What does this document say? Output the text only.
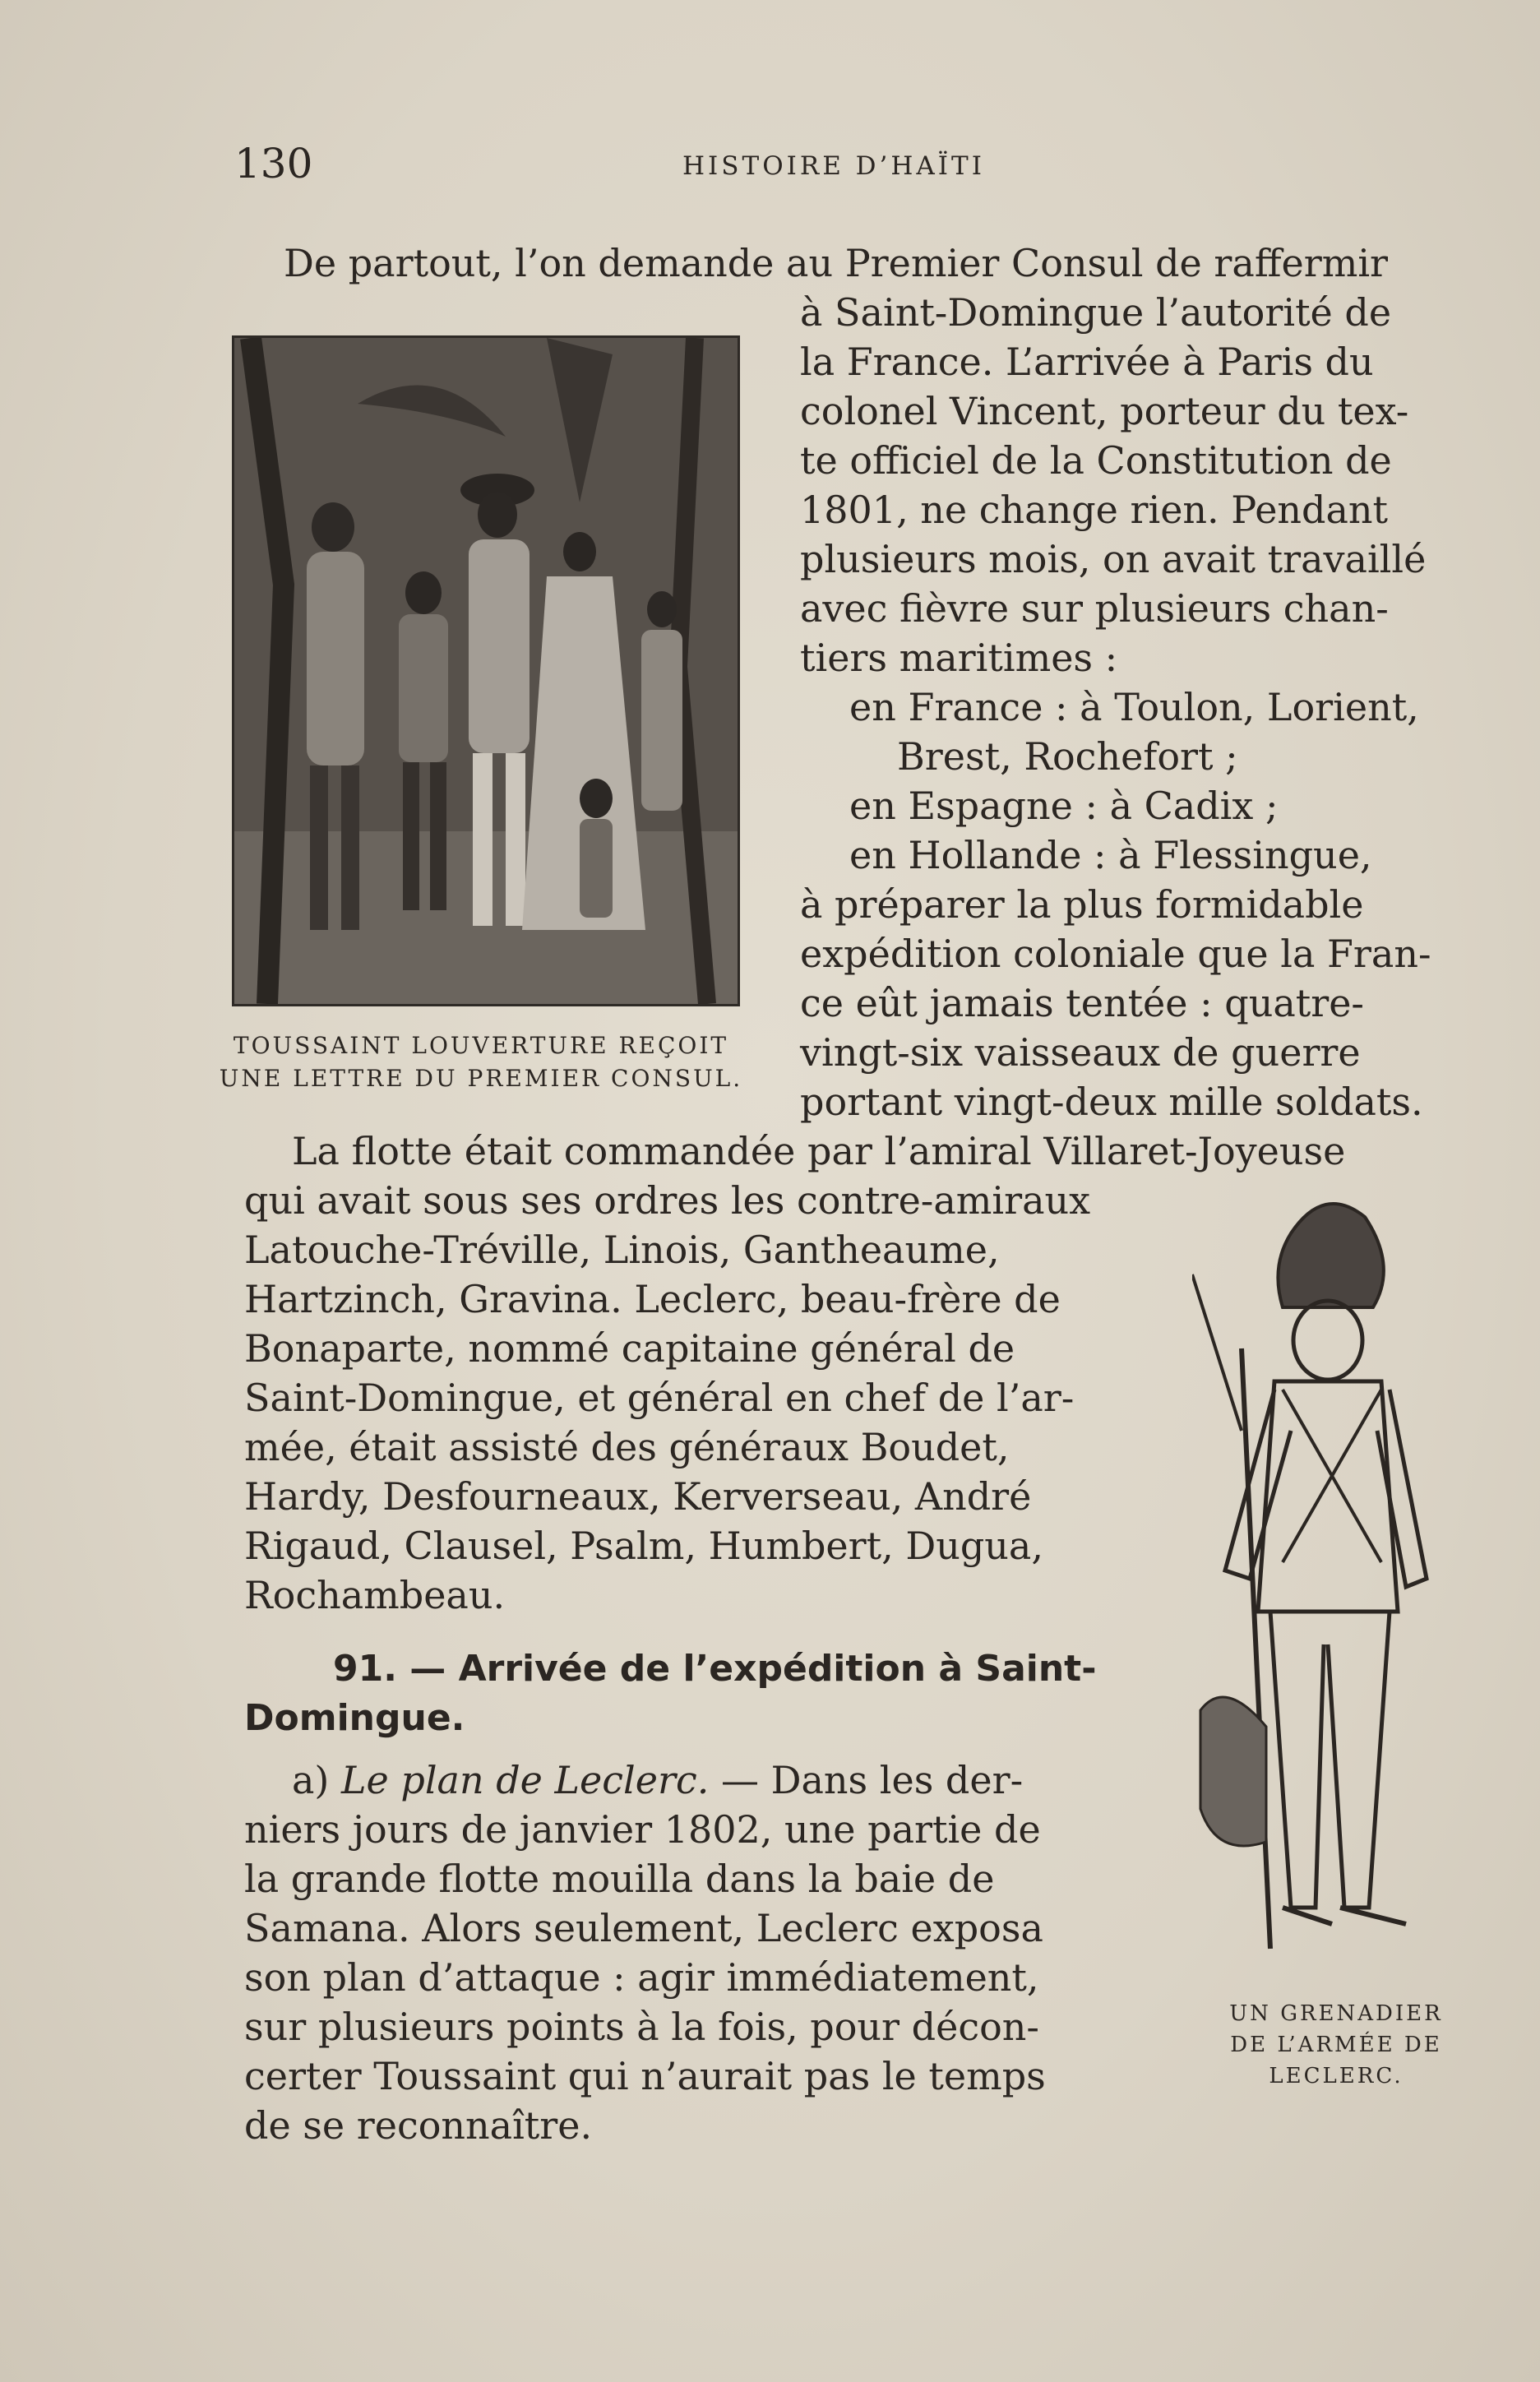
130	HISTOIRE D’HAÏTI
TOUSSAINT LOUVERTURE REÇOIT
UNE LETTRE DU PREMIER CONSUL.
UN GRENADIER
DE L’ARMÉE DE
LECLERC.
De partout, l’on demande au Premier Consul de raffermir
à Saint-Domingue l’autorité de
la France. L’arrivée à Paris du
colonel Vincent, porteur du tex-
te officiel de la Constitution de
1801, ne change rien. Pendant
plusieurs mois, on avait travaillé
avec fièvre sur plusieurs chan-
tiers maritimes :
en France : à Toulon, Lorient,
Brest, Rochefort ;
en Espagne : à Cadix ;
en Hollande : à Flessingue,
à préparer la plus formidable
expédition coloniale que la Fran-
ce eût jamais tentée : quatre-
vingt-six vaisseaux de guerre
portant vingt-deux mille soldats.
La flotte était commandée par l’amiral Villaret-Joyeuse
qui avait sous ses ordres les contre-amiraux
Latouche-Tréville, Linois, Gantheaume,
Hartzinch, Gravina. Leclerc, beau-frère de
Bonaparte, nommé capitaine général de
Saint-Domingue, et général en chef de l’ar-
mée, était assisté des généraux Boudet,
Hardy, Desfourneaux, Kerverseau, André
Rigaud, Clausel, Psalm, Humbert, Dugua,
Rochambeau.
91. — Arrivée de l’expédition à Saint-
Domingue.
a) Le plan de Leclerc. — Dans les der-
niers jours de janvier 1802, une partie de
la grande flotte mouilla dans la baie de
Samana. Alors seulement, Leclerc exposa
son plan d’attaque : agir immédiatement,
sur plusieurs points à la fois, pour décon-
certer Toussaint qui n’aurait pas le temps
de se reconnaître.
